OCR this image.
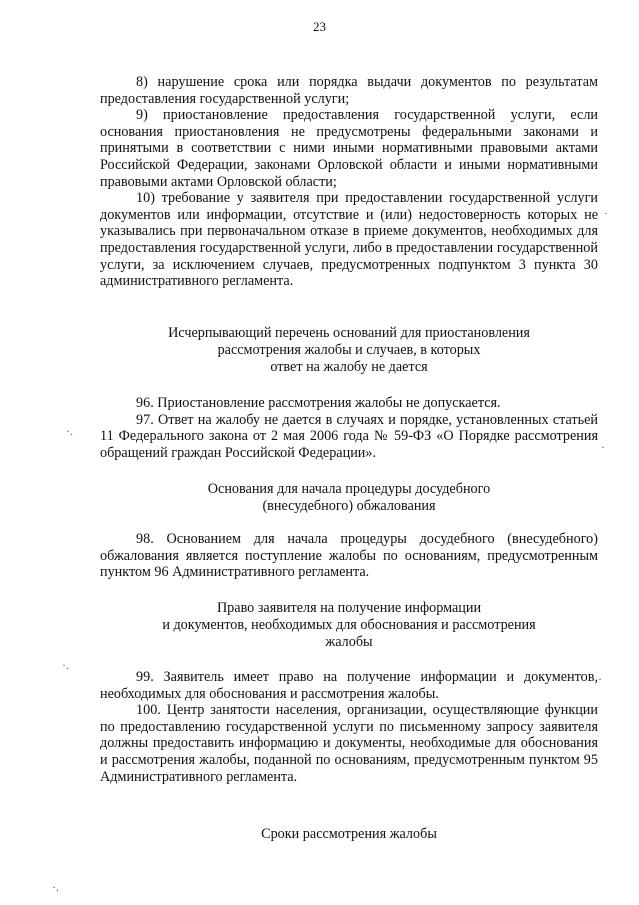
23

8) нарушение срока или порядка выдачи документов по результатам предоставления государственной услуги;

9) приостановление предоставления государственной услуги, если основания приостановления не предусмотрены федеральными законами и принятыми в соответствии с ними иными нормативными правовыми актами Российской Федерации, законами Орловской области и иными нормативными правовыми актами Орловской области;

10) требование у заявителя при предоставлении государственной услуги документов или информации, отсутствие и (или) недостоверность которых не указывались при первоначальном отказе в приеме документов, необходимых для предоставления государственной услуги, либо в предоставлении государственной услуги, за исключением случаев, предусмотренных подпунктом 3 пункта 30 административного регламента.

Исчерпывающий перечень оснований для приостановления

рассмотрения жалобы и случаев, в которых

ответ на жалобу не дается

96. Приостановление рассмотрения жалобы не допускается.

97. Ответ на жалобу не дается в случаях и порядке, установленных статьей 11 Федерального закона от 2 мая 2006 года № 59-ФЗ «О Порядке рассмотрения обращений граждан Российской Федерации».

Основания для начала процедуры досудебного

(внесудебного) обжалования

98. Основанием для начала процедуры досудебного (внесудебного) обжалования является поступление жалобы по основаниям, предусмотренным пунктом 96 Административного регламента.

Право заявителя на получение информации

и документов, необходимых для обоснования и рассмотрения

жалобы

99. Заявитель имеет право на получение информации и документов, необходимых для обоснования и рассмотрения жалобы.

100. Центр занятости населения, организации, осуществляющие функции по предоставлению государственной услуги по письменному запросу заявителя должны предоставить информацию и документы, необходимые для обоснования и рассмотрения жалобы, поданной по основаниям, предусмотренным пунктом 95 Административного регламента.

Сроки рассмотрения жалобы

·.
·.
·.
·
·
·
